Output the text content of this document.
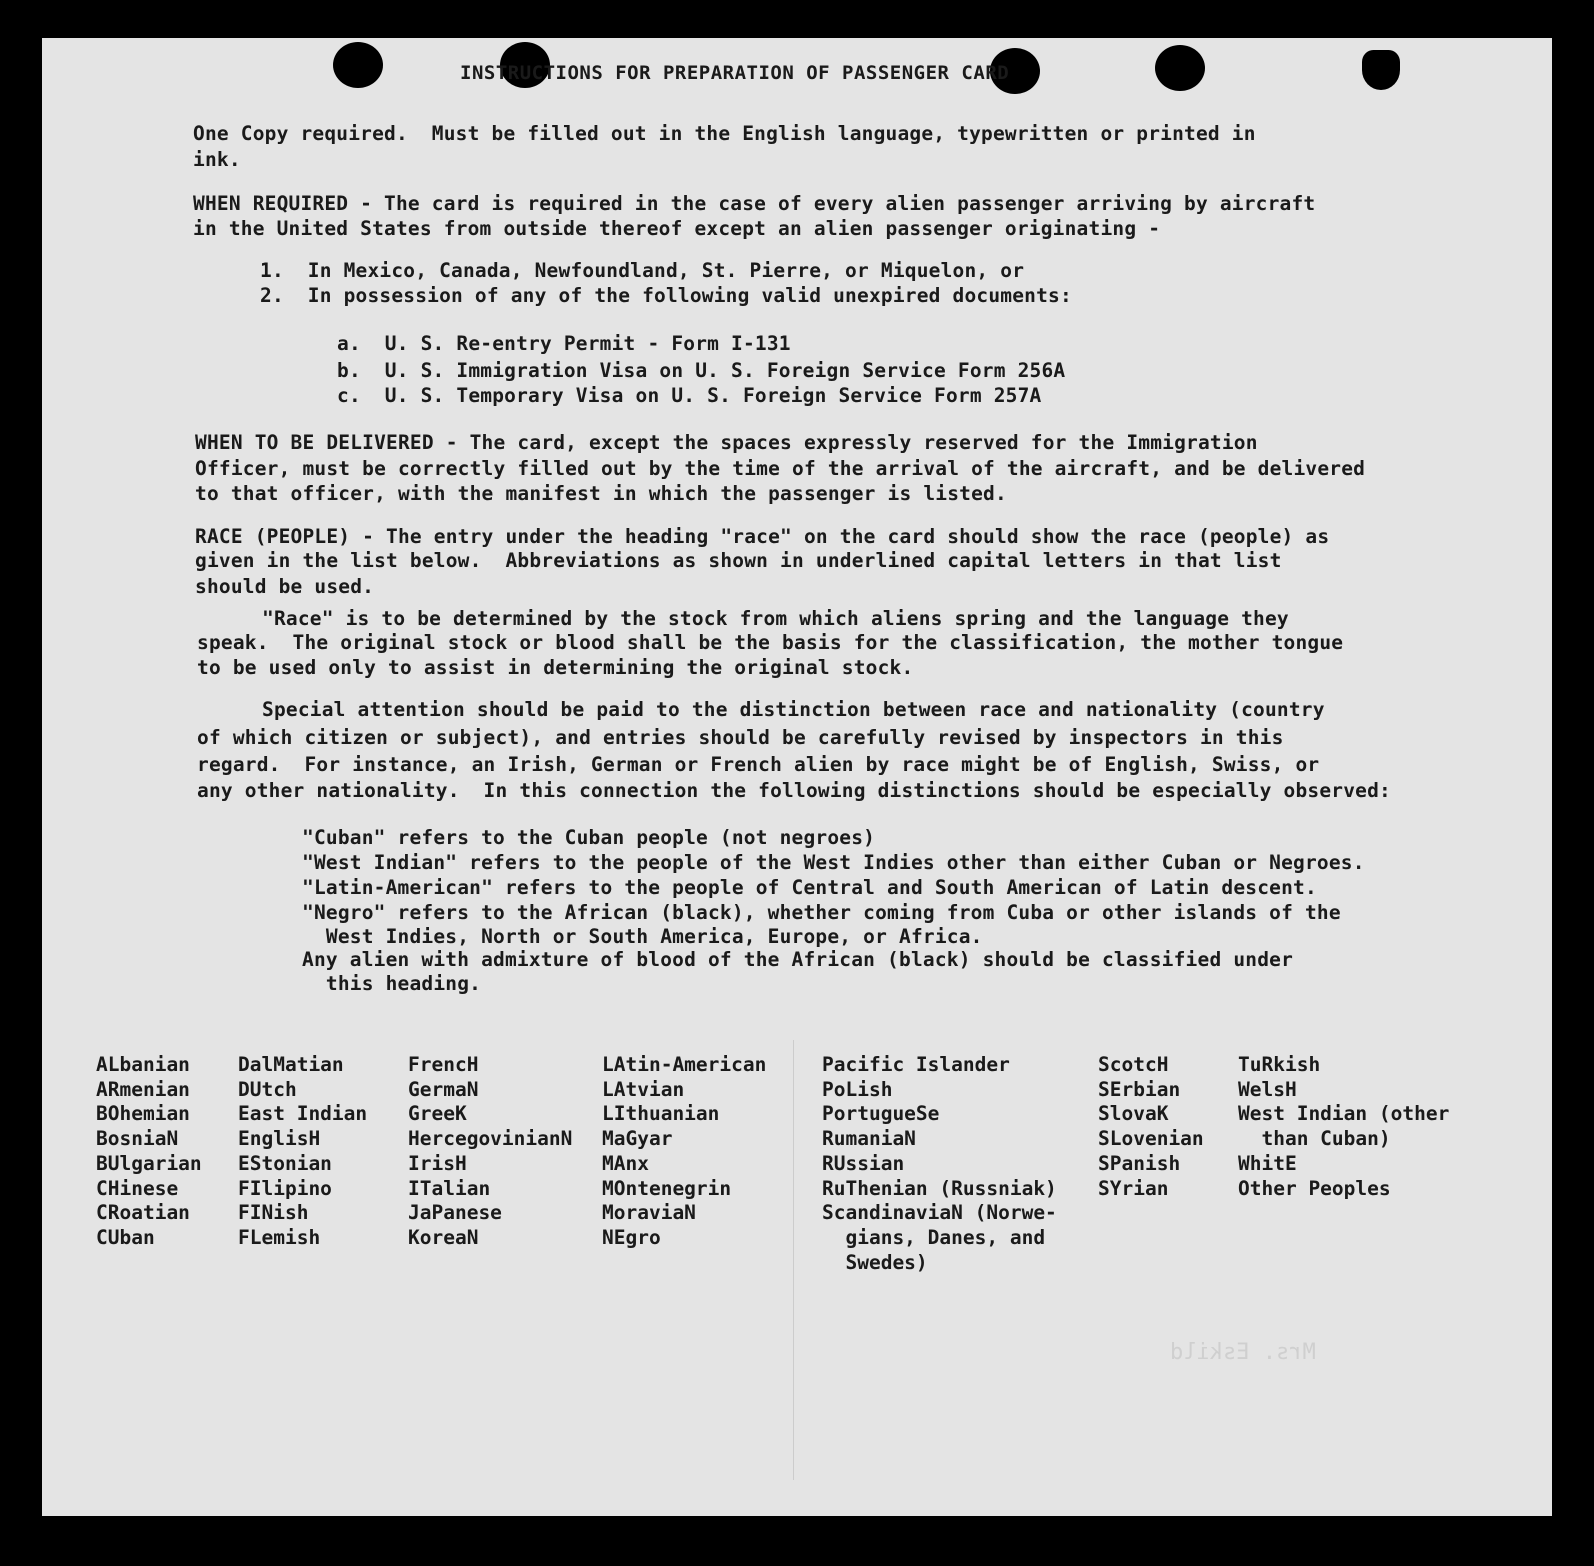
Mrs. Eskild
INSTRUCTIONS FOR PREPARATION OF PASSENGER CARD
One Copy required.  Must be filled out in the English language, typewritten or printed in
ink.
WHEN REQUIRED - The card is required in the case of every alien passenger arriving by aircraft
in the United States from outside thereof except an alien passenger originating -
1.  In Mexico, Canada, Newfoundland, St. Pierre, or Miquelon, or
2.  In possession of any of the following valid unexpired documents:
a.  U. S. Re-entry Permit - Form I-131
b.  U. S. Immigration Visa on U. S. Foreign Service Form 256A
c.  U. S. Temporary Visa on U. S. Foreign Service Form 257A
WHEN TO BE DELIVERED - The card, except the spaces expressly reserved for the Immigration
Officer, must be correctly filled out by the time of the arrival of the aircraft, and be delivered
to that officer, with the manifest in which the passenger is listed.
RACE (PEOPLE) - The entry under the heading "race" on the card should show the race (people) as
given in the list below.  Abbreviations as shown in underlined capital letters in that list
should be used.
"Race" is to be determined by the stock from which aliens spring and the language they
speak.  The original stock or blood shall be the basis for the classification, the mother tongue
to be used only to assist in determining the original stock.
Special attention should be paid to the distinction between race and nationality (country
of which citizen or subject), and entries should be carefully revised by inspectors in this
regard.  For instance, an Irish, German or French alien by race might be of English, Swiss, or
any other nationality.  In this connection the following distinctions should be especially observed:
"Cuban" refers to the Cuban people (not negroes)
"West Indian" refers to the people of the West Indies other than either Cuban or Negroes.
"Latin-American" refers to the people of Central and South American of Latin descent.
"Negro" refers to the African (black), whether coming from Cuba or other islands of the
West Indies, North or South America, Europe, or Africa.
Any alien with admixture of blood of the African (black) should be classified under
this heading.
ALbanian
ARmenian
BOhemian
BosniaN
BUlgarian
CHinese
CRoatian
CUban
DalMatian
DUtch
East Indian
EnglisH
EStonian
FIlipino
FINish
FLemish
FrencH
GermaN
GreeK
HercegovinianN
IrisH
ITalian
JaPanese
KoreaN
LAtin-American
LAtvian
LIthuanian
MaGyar
MAnx
MOntenegrin
MoraviaN
NEgro
Pacific Islander
PoLish
PortugueSe
RumaniaN
RUssian
RuThenian (Russniak)
ScandinaviaN (Norwe-
gians, Danes, and
Swedes)
ScotcH
SErbian
SlovaK
SLovenian
SPanish
SYrian
TuRkish
WelsH
West Indian (other
than Cuban)
WhitE
Other Peoples
